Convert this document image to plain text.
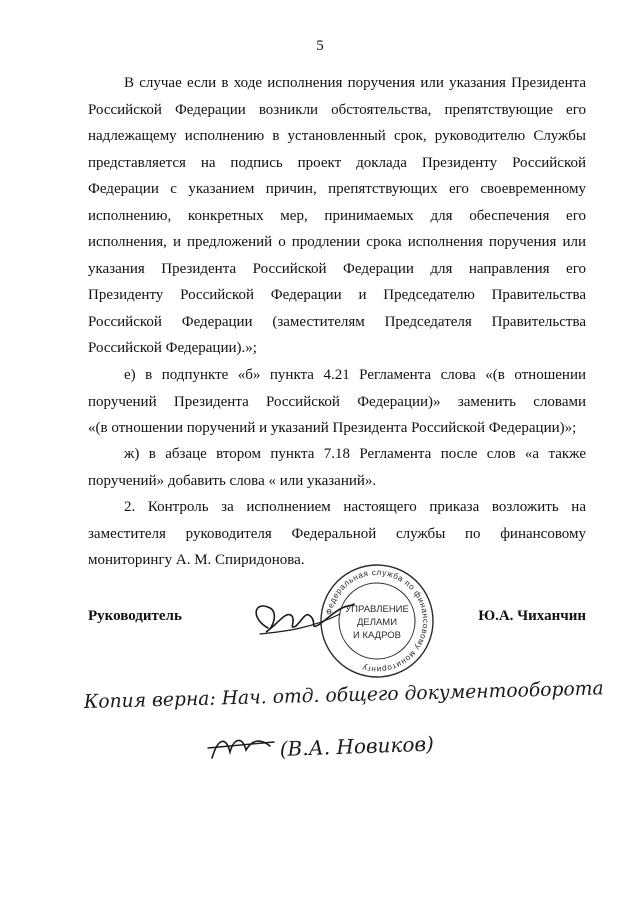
5

В случае если в ходе исполнения поручения или указания Президента
Российской Федерации возникли обстоятельства, препятствующие его
надлежащему исполнению в установленный срок, руководителю Службы
представляется на подпись проект доклада Президенту Российской
Федерации с указанием причин, препятствующих его своевременному
исполнению, конкретных мер, принимаемых для обеспечения его
исполнения, и предложений о продлении срока исполнения поручения или
указания Президента Российской Федерации для направления его
Президенту Российской Федерации и Председателю Правительства
Российской Федерации (заместителям Председателя Правительства
Российской Федерации).»;

е) в подпункте «б» пункта 4.21 Регламента слова «(в отношении
поручений Президента Российской Федерации)» заменить словами
«(в отношении поручений и указаний Президента Российской Федерации)»;

ж) в абзаце втором пункта 7.18 Регламента после слов «а также
поручений» добавить слова « или указаний».

2. Контроль за исполнением настоящего приказа возложить на
заместителя руководителя Федеральной службы по финансовому
мониторингу А. М. Спиридонова.

Руководитель	Ю.А. Чиханчин
Федеральная служба по финансовому мониторингу
УПРАВЛЕНИЕ
ДЕЛАМИ
И КАДРОВ
Копия верна: Нач. отд. общего документооборота
(В.А. Новиков)
